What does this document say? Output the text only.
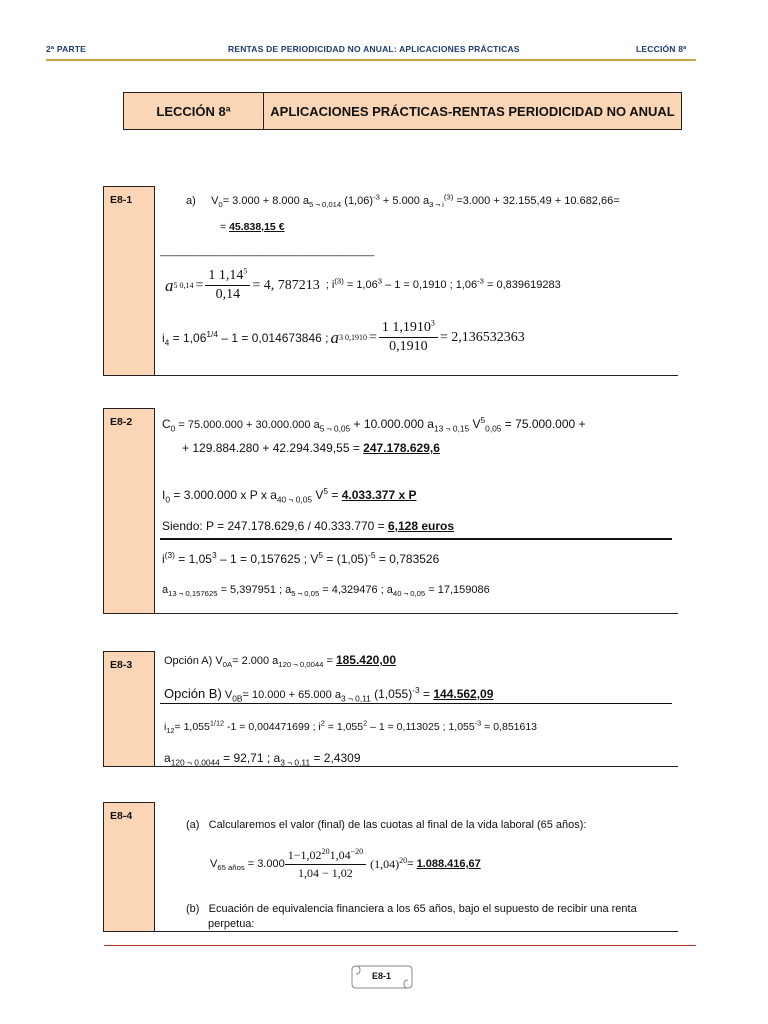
2ª PARTE	RENTAS DE PERIODICIDAD NO ANUAL: APLICACIONES PRÁCTICAS	LECCIÓN 8ª
LECCIÓN 8ª	APLICACIONES PRÁCTICAS-RENTAS PERIODICIDAD NO ANUAL
E8-1	a) $V_0= 3.000 + 8.000$ $a_{5 \neg 0,014}$ $(1,06)^{-3} + 5.000$ $a_{3 \neg i}^{(3)} =3.000 + 32.155,49 + 10.682,66=$
= 45.838,15 €
___________________________________
a 5 $0,14 = \frac{1 1,14^5}{0,14} = 4$, 787213 ; $i^{(3)} = 1,06^3 - 1 = 0,1910$ ; $1,06^{-3} = 0,839619283$
$i_4 = 1,06^{1/4} - 1 = 0,014673846$ ; a 3 $0,1910 = \frac{1 1,1910^3}{0,1910} = 2,136532363$
E8-2 $C_0 = 75.000.000 + 30.000.000$ $a_{5 \neg 0,05} + 10.000.000$ $a_{13 \neg 0,15}$ $V^5_{0,05} = 75.000.000$ +
+ 129.884.280 + 42.294.349,55 = 247.178.629,6
$I_0 = 3.000.000$ x P x $a_{40 \neg 0,05}$ $V^5 = 4.033.377$ x P
Siendo: P = 247.178.629,6 / 40.333.770 = 6,128 euros
$i^{(3)} = 1,05^3 - 1 = 0,157625$ ; $V^5 = (1,05)^{-5} = 0,783526$
$a_{13 \neg 0,157625} = 5,397951$ ; $a_{5 \neg 0,05} = 4,329476$ ; $a_{40 \neg 0,05} = 17,159086$
E8-3	Opción A) $V_{0A}= 2.000$ $a_{120 \neg 0,0044} = 185.420,00$
Opción B) $V_{0B}= 10.000 + 65.000$ $a_{3 \neg 0,11}$ $(1,055)^{-3} = 144.562,09$
$i_{12}= 1,055^{1/12}$ -1 = 0,004471699 ; $i^2 = 1,055^2 - 1 = 0,113025$ ; $1,055^{-3} = 0,851613$
$a_{120 \neg 0,0044} = 92,71$ ; $a_{3 \neg 0,11} = 2,4309$
E8-4
(a) Calcularemos el valor (final) de las cuotas al final de la vida laboral (65 años):
$V_{65 años} = 3.000 \frac{1-1,02^{20}1,04^{-20}}{1,04 - 1,02} (1,04)^{20} = 1.088.416,67$
(b) Ecuación de equivalencia financiera a los 65 años, bajo el supuesto de recibir una renta
perpetua:
E8-1
